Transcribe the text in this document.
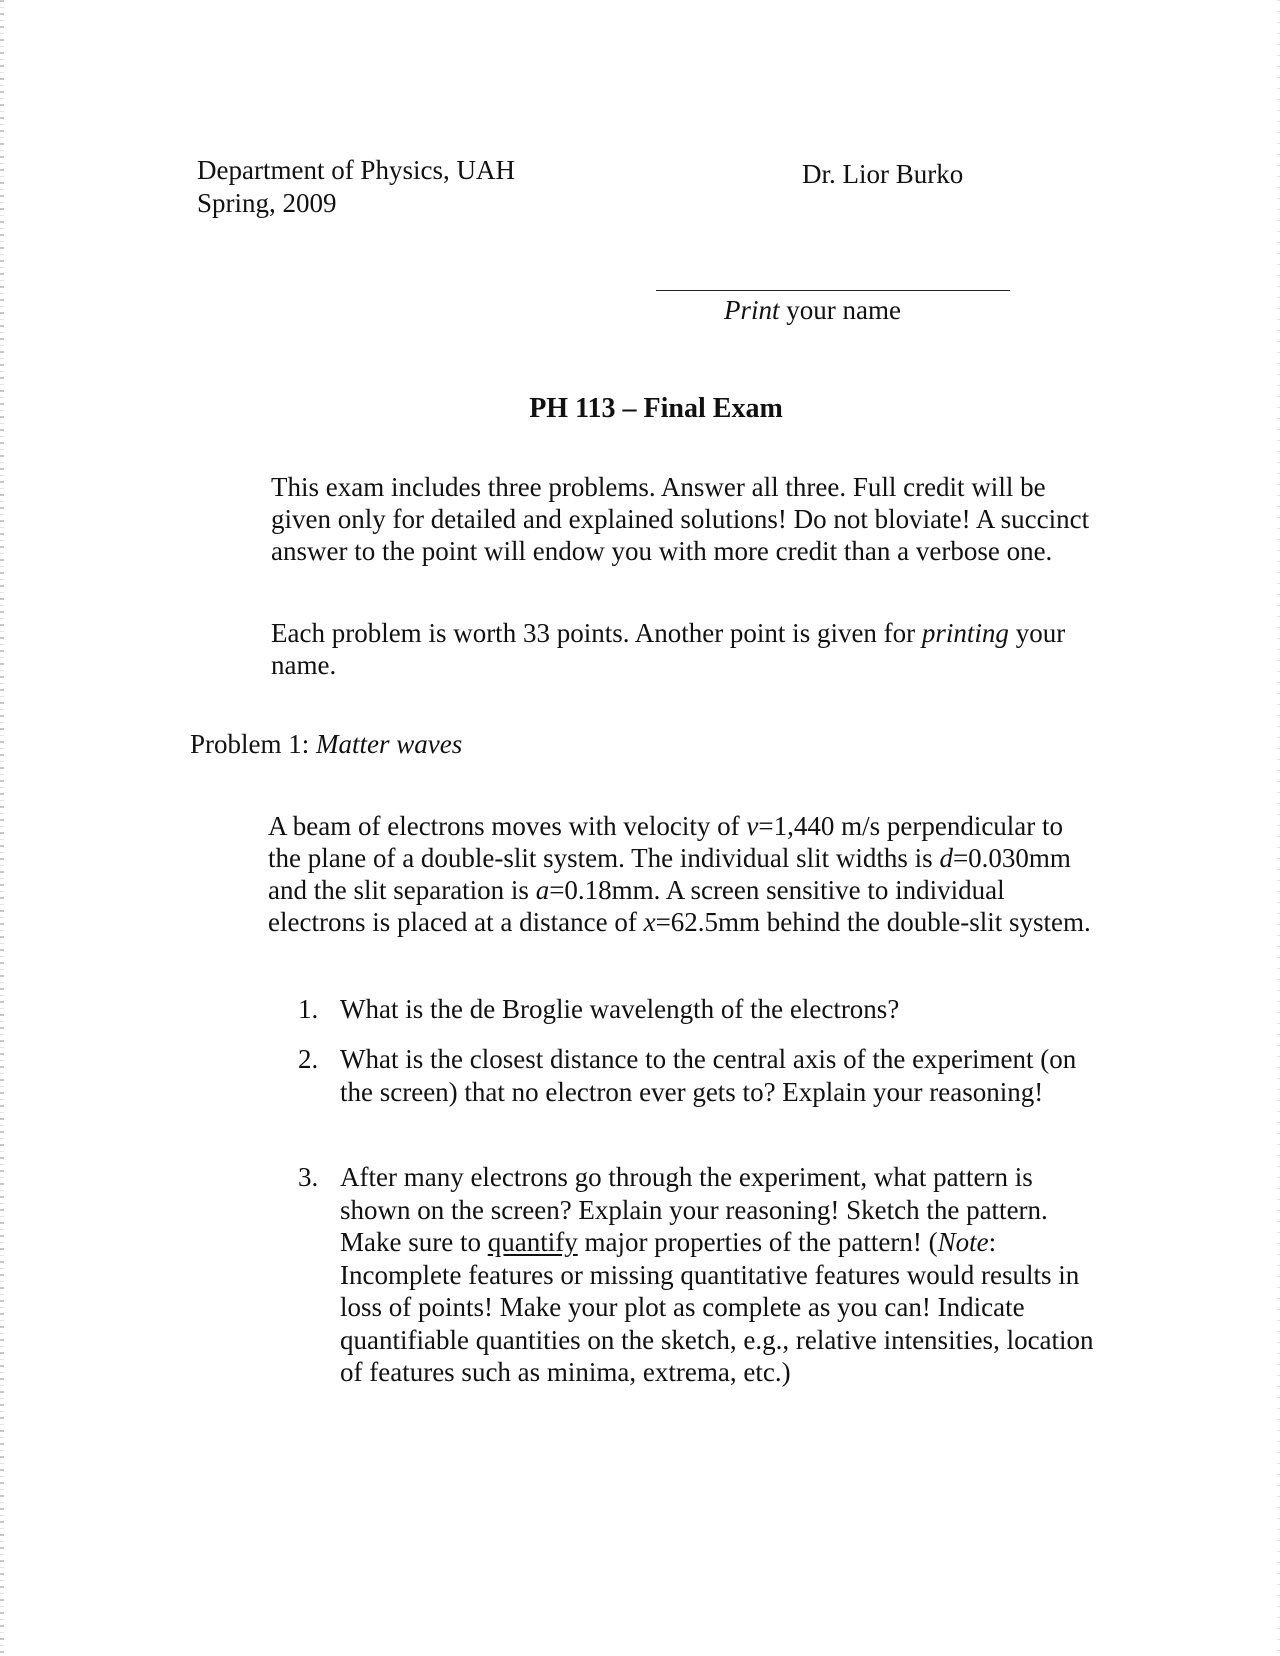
Department of Physics, UAH
Spring, 2009
Dr. Lior Burko
Print your name
PH 113 – Final Exam
This exam includes three problems. Answer all three. Full credit will be given only for detailed and explained solutions! Do not bloviate! A succinct answer to the point will endow you with more credit than a verbose one.
Each problem is worth 33 points. Another point is given for printing your name.
Problem 1: Matter waves
A beam of electrons moves with velocity of v=1,440 m/s perpendicular to the plane of a double-slit system. The individual slit widths is d=0.030mm and the slit separation is a=0.18mm. A screen sensitive to individual electrons is placed at a distance of x=62.5mm behind the double-slit system.
1. What is the de Broglie wavelength of the electrons?
2. What is the closest distance to the central axis of the experiment (on the screen) that no electron ever gets to? Explain your reasoning!
3. After many electrons go through the experiment, what pattern is shown on the screen? Explain your reasoning! Sketch the pattern. Make sure to quantify major properties of the pattern! (Note: Incomplete features or missing quantitative features would results in loss of points! Make your plot as complete as you can! Indicate quantifiable quantities on the sketch, e.g., relative intensities, location of features such as minima, extrema, etc.)
